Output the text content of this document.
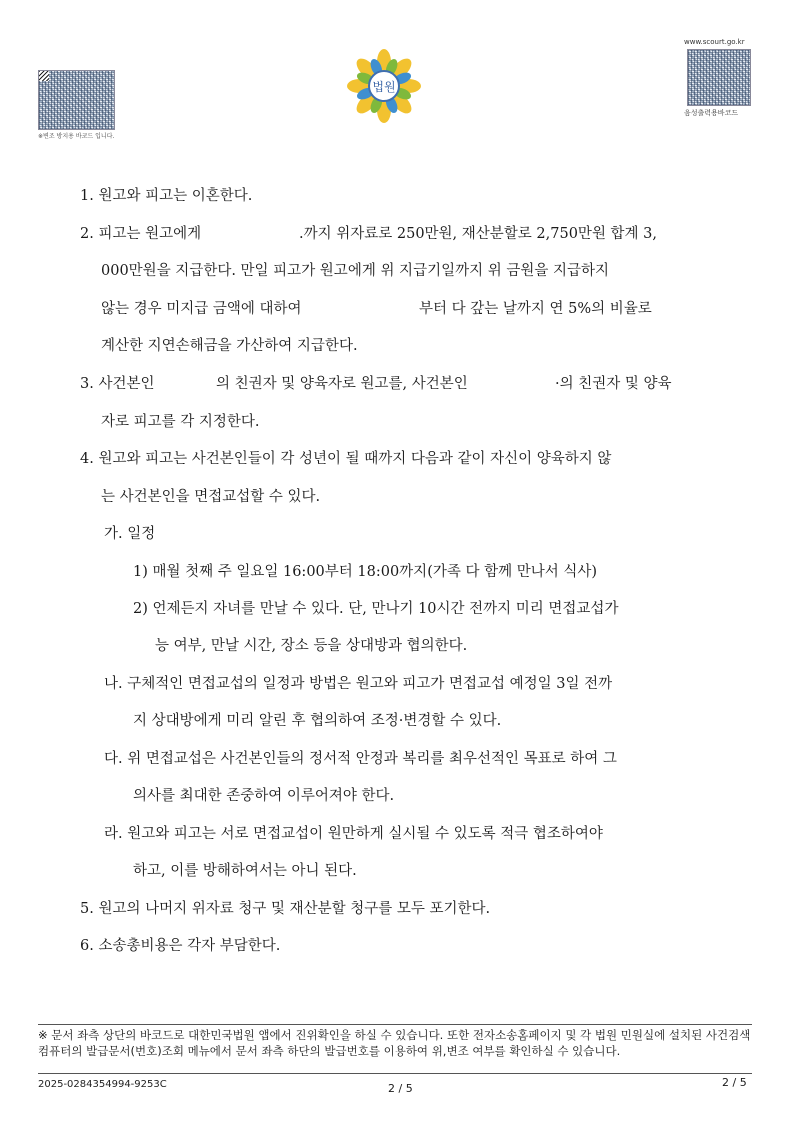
※변조 방지용 바코드 입니다.
법원
www.scourt.go.kr
음성출력용바코드
1. 원고와 피고는 이혼한다.
2. 피고는 원고에게	.까지 위자료로 250만원, 재산분할로 2,750만원 합계 3,
000만원을 지급한다. 만일 피고가 원고에게 위 지급기일까지 위 금원을 지급하지
않는 경우 미지급 금액에 대하여	부터 다 갚는 날까지 연 5%의 비율로
계산한 지연손해금을 가산하여 지급한다.
3. 사건본인	의 친권자 및 양육자로 원고를, 사건본인	·의 친권자 및 양육
자로 피고를 각 지정한다.
4. 원고와 피고는 사건본인들이 각 성년이 될 때까지 다음과 같이 자신이 양육하지 않
는 사건본인을 면접교섭할 수 있다.
가. 일정
1) 매월 첫째 주 일요일 16:00부터 18:00까지(가족 다 함께 만나서 식사)
2) 언제든지 자녀를 만날 수 있다. 단, 만나기 10시간 전까지 미리 면접교섭가
능 여부, 만날 시간, 장소 등을 상대방과 협의한다.
나. 구체적인 면접교섭의 일정과 방법은 원고와 피고가 면접교섭 예정일 3일 전까
지 상대방에게 미리 알린 후 협의하여 조정·변경할 수 있다.
다. 위 면접교섭은 사건본인들의 정서적 안정과 복리를 최우선적인 목표로 하여 그
의사를 최대한 존중하여 이루어져야 한다.
라. 원고와 피고는 서로 면접교섭이 원만하게 실시될 수 있도록 적극 협조하여야
하고, 이를 방해하여서는 아니 된다.
5. 원고의 나머지 위자료 청구 및 재산분할 청구를 모두 포기한다.
6. 소송총비용은 각자 부담한다.
※ 문서 좌측 상단의 바코드로 대한민국법원 앱에서 진위확인을 하실 수 있습니다. 또한 전자소송홈페이지 및 각 법원 민원실에 설치된 사건검색 컴퓨터의 발급문서(번호)조회 메뉴에서 문서 좌측 하단의 발급번호를 이용하여 위,변조 여부를 확인하실 수 있습니다.
2025-0284354994-9253C	2 / 5	2 / 5
